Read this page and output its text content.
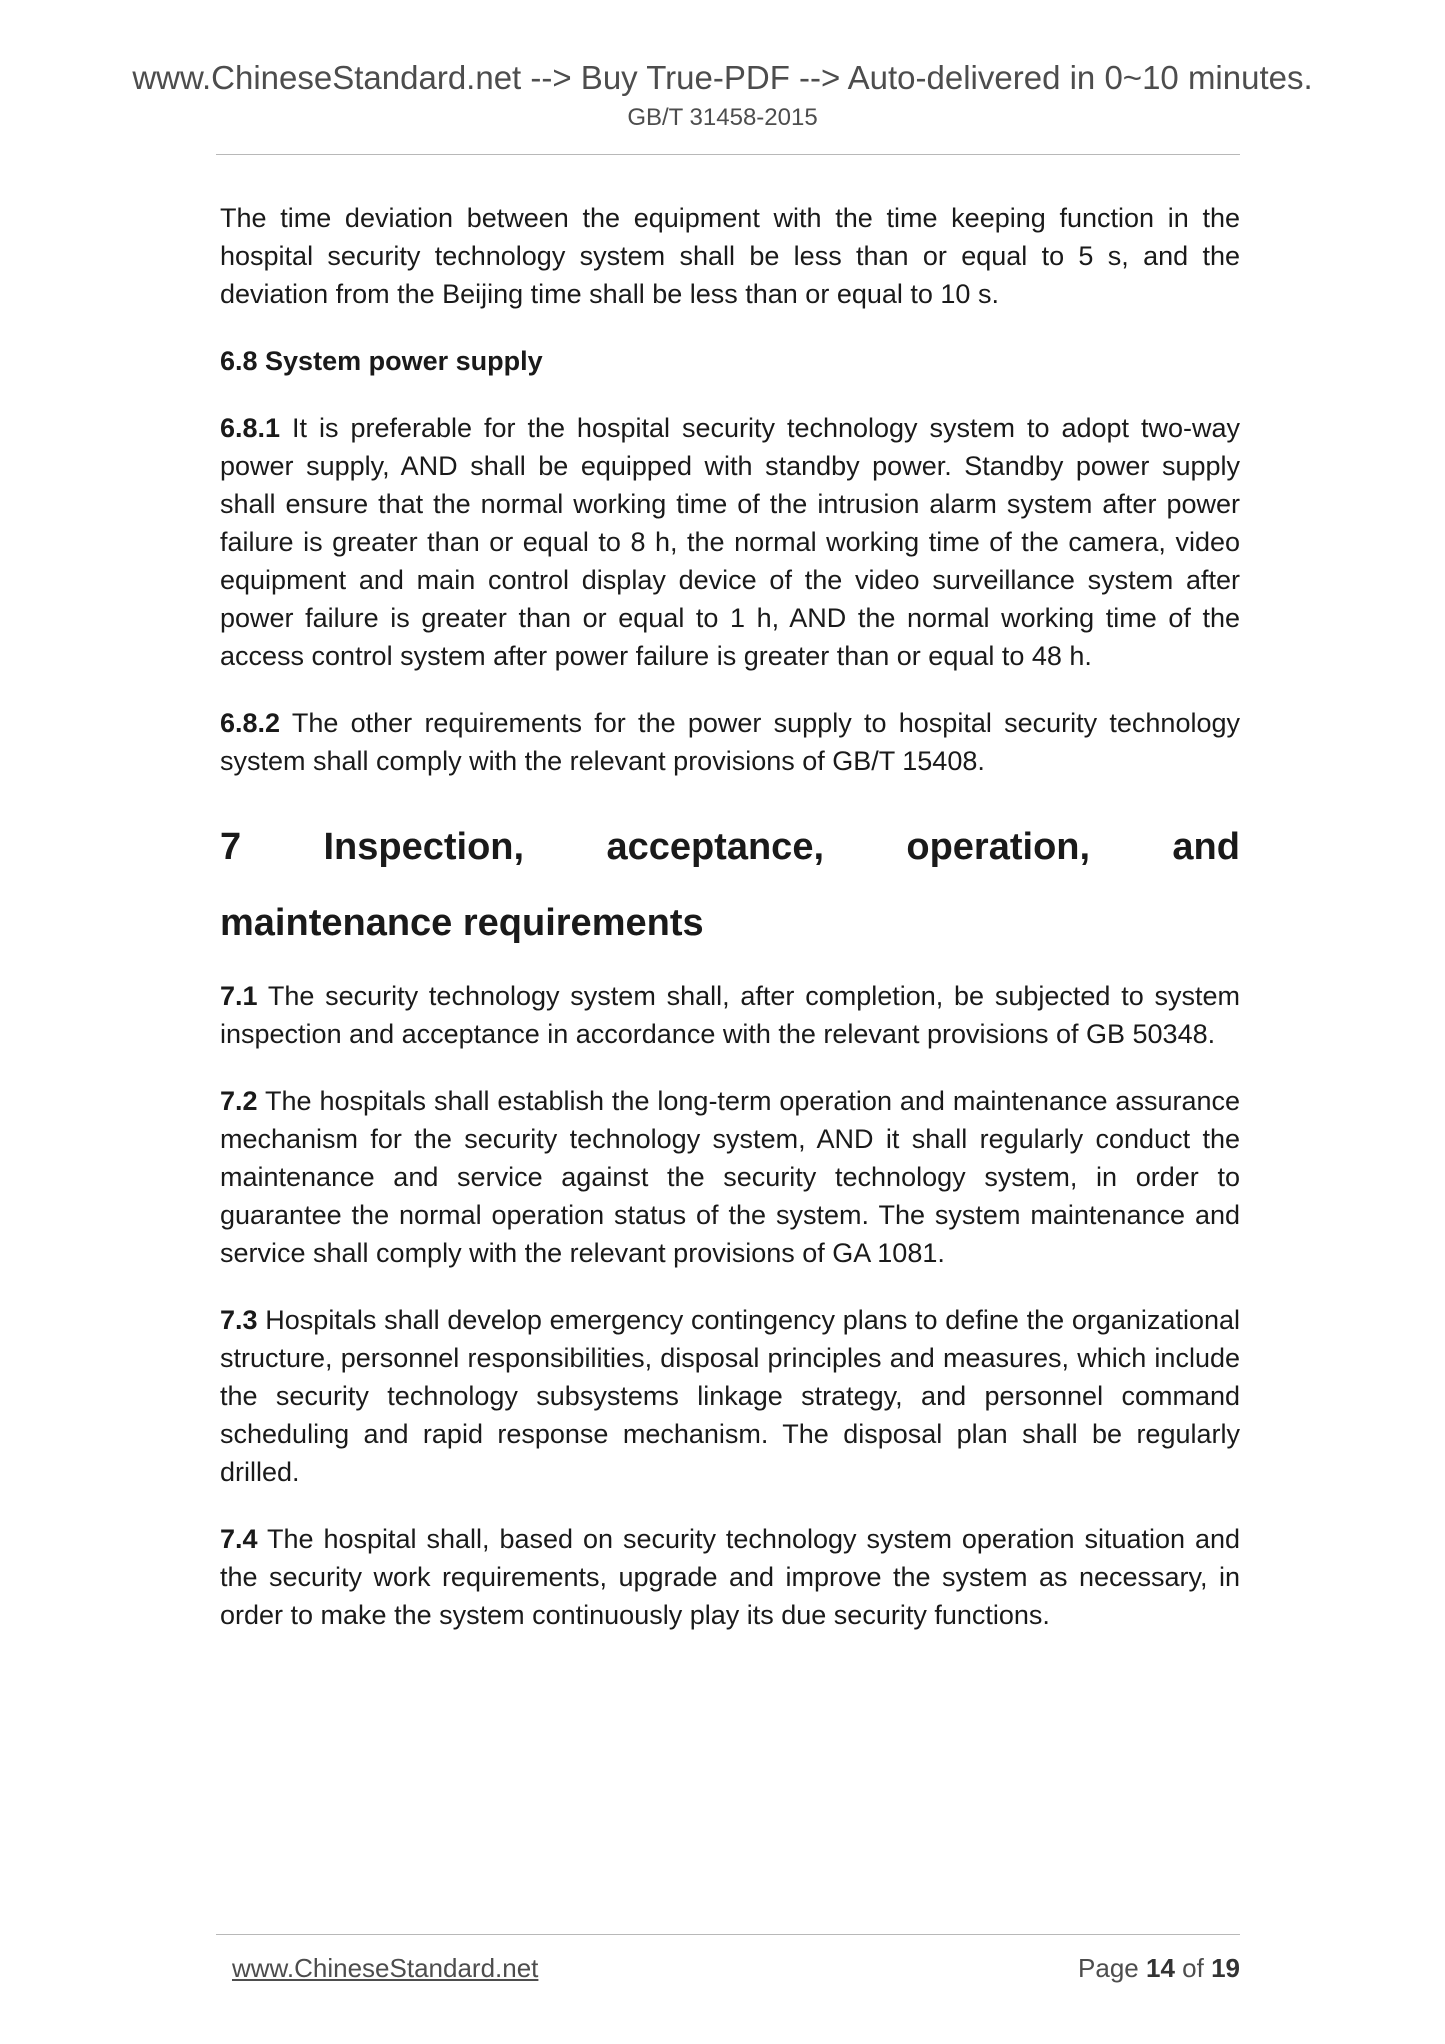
www.ChineseStandard.net --> Buy True-PDF --> Auto-delivered in 0~10 minutes.
GB/T 31458-2015

The time deviation between the equipment with the time keeping function in the hospital security technology system shall be less than or equal to 5 s, and the deviation from the Beijing time shall be less than or equal to 10 s.

6.8 System power supply

6.8.1 It is preferable for the hospital security technology system to adopt two-way power supply, AND shall be equipped with standby power. Standby power supply shall ensure that the normal working time of the intrusion alarm system after power failure is greater than or equal to 8 h, the normal working time of the camera, video equipment and main control display device of the video surveillance system after power failure is greater than or equal to 1 h, AND the normal working time of the access control system after power failure is greater than or equal to 48 h.

6.8.2 The other requirements for the power supply to hospital security technology system shall comply with the relevant provisions of GB/T 15408.

7 Inspection, acceptance, operation, and
maintenance requirements

7.1 The security technology system shall, after completion, be subjected to system inspection and acceptance in accordance with the relevant provisions of GB 50348.

7.2 The hospitals shall establish the long-term operation and maintenance assurance mechanism for the security technology system, AND it shall regularly conduct the maintenance and service against the security technology system, in order to guarantee the normal operation status of the system. The system maintenance and service shall comply with the relevant provisions of GA 1081.

7.3 Hospitals shall develop emergency contingency plans to define the organizational structure, personnel responsibilities, disposal principles and measures, which include the security technology subsystems linkage strategy, and personnel command scheduling and rapid response mechanism. The disposal plan shall be regularly drilled.

7.4 The hospital shall, based on security technology system operation situation and the security work requirements, upgrade and improve the system as necessary, in order to make the system continuously play its due security functions.

www.ChineseStandard.net	Page 14 of 19
